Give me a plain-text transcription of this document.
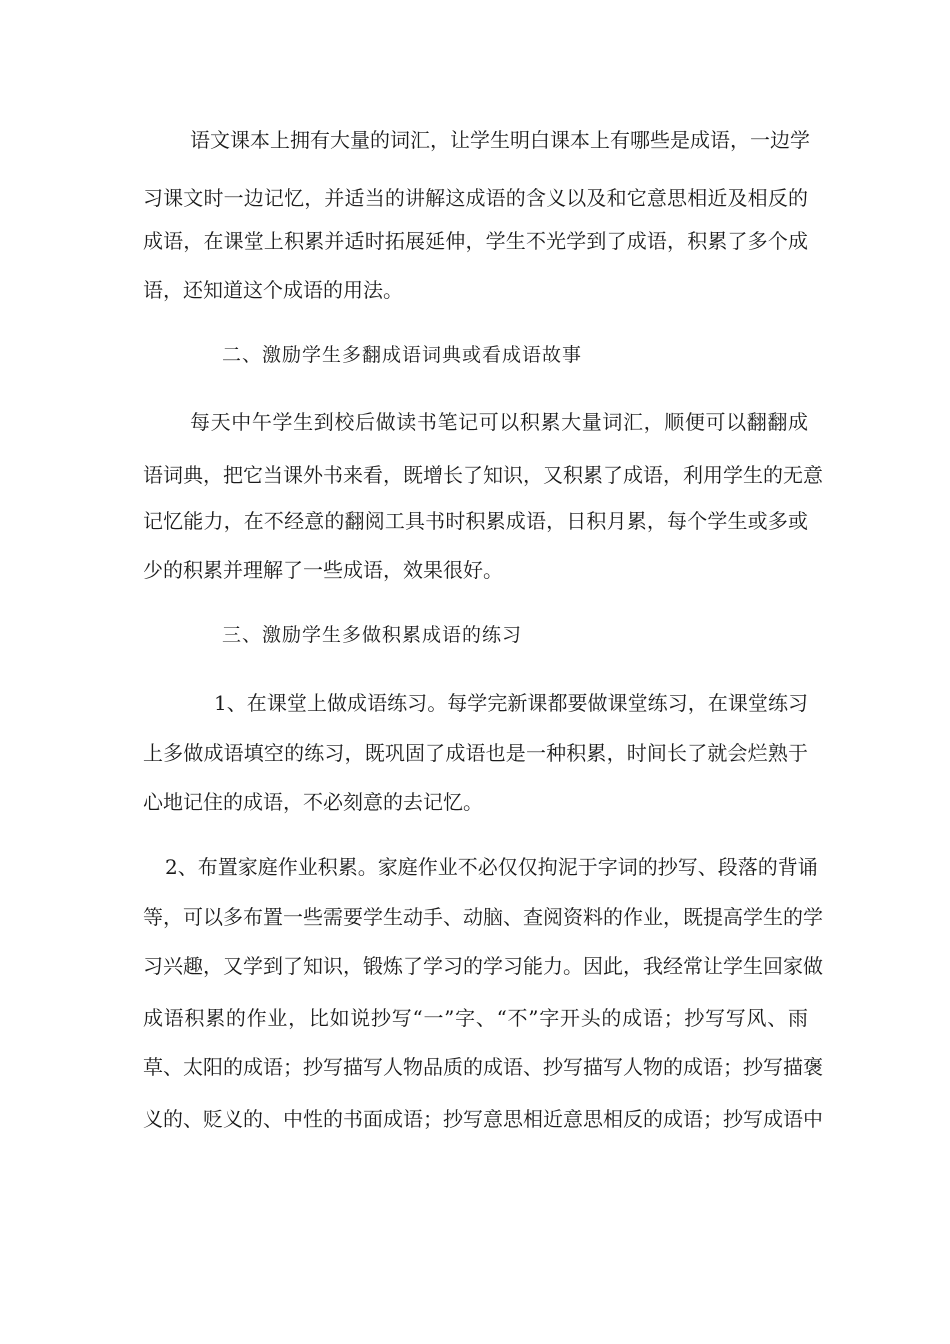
语文课本上拥有大量的词汇，让学生明白课本上有哪些是成语，一边学
习课文时一边记忆，并适当的讲解这成语的含义以及和它意思相近及相反的
成语，在课堂上积累并适时拓展延伸，学生不光学到了成语，积累了多个成
语，还知道这个成语的用法。
二、激励学生多翻成语词典或看成语故事
每天中午学生到校后做读书笔记可以积累大量词汇，顺便可以翻翻成
语词典，把它当课外书来看，既增长了知识，又积累了成语，利用学生的无意
记忆能力，在不经意的翻阅工具书时积累成语，日积月累，每个学生或多或
少的积累并理解了一些成语，效果很好。
三、激励学生多做积累成语的练习
1、在课堂上做成语练习。每学完新课都要做课堂练习，在课堂练习
上多做成语填空的练习，既巩固了成语也是一种积累，时间长了就会烂熟于
心地记住的成语，不必刻意的去记忆。
2、布置家庭作业积累。家庭作业不必仅仅拘泥于字词的抄写、段落的背诵
等，可以多布置一些需要学生动手、动脑、查阅资料的作业，既提高学生的学
习兴趣，又学到了知识，锻炼了学习的学习能力。因此，我经常让学生回家做
成语积累的作业，比如说抄写“一”字、“不”字开头的成语；抄写写风、雨
草、太阳的成语；抄写描写人物品质的成语、抄写描写人物的成语；抄写描褒
义的、贬义的、中性的书面成语；抄写意思相近意思相反的成语；抄写成语中
